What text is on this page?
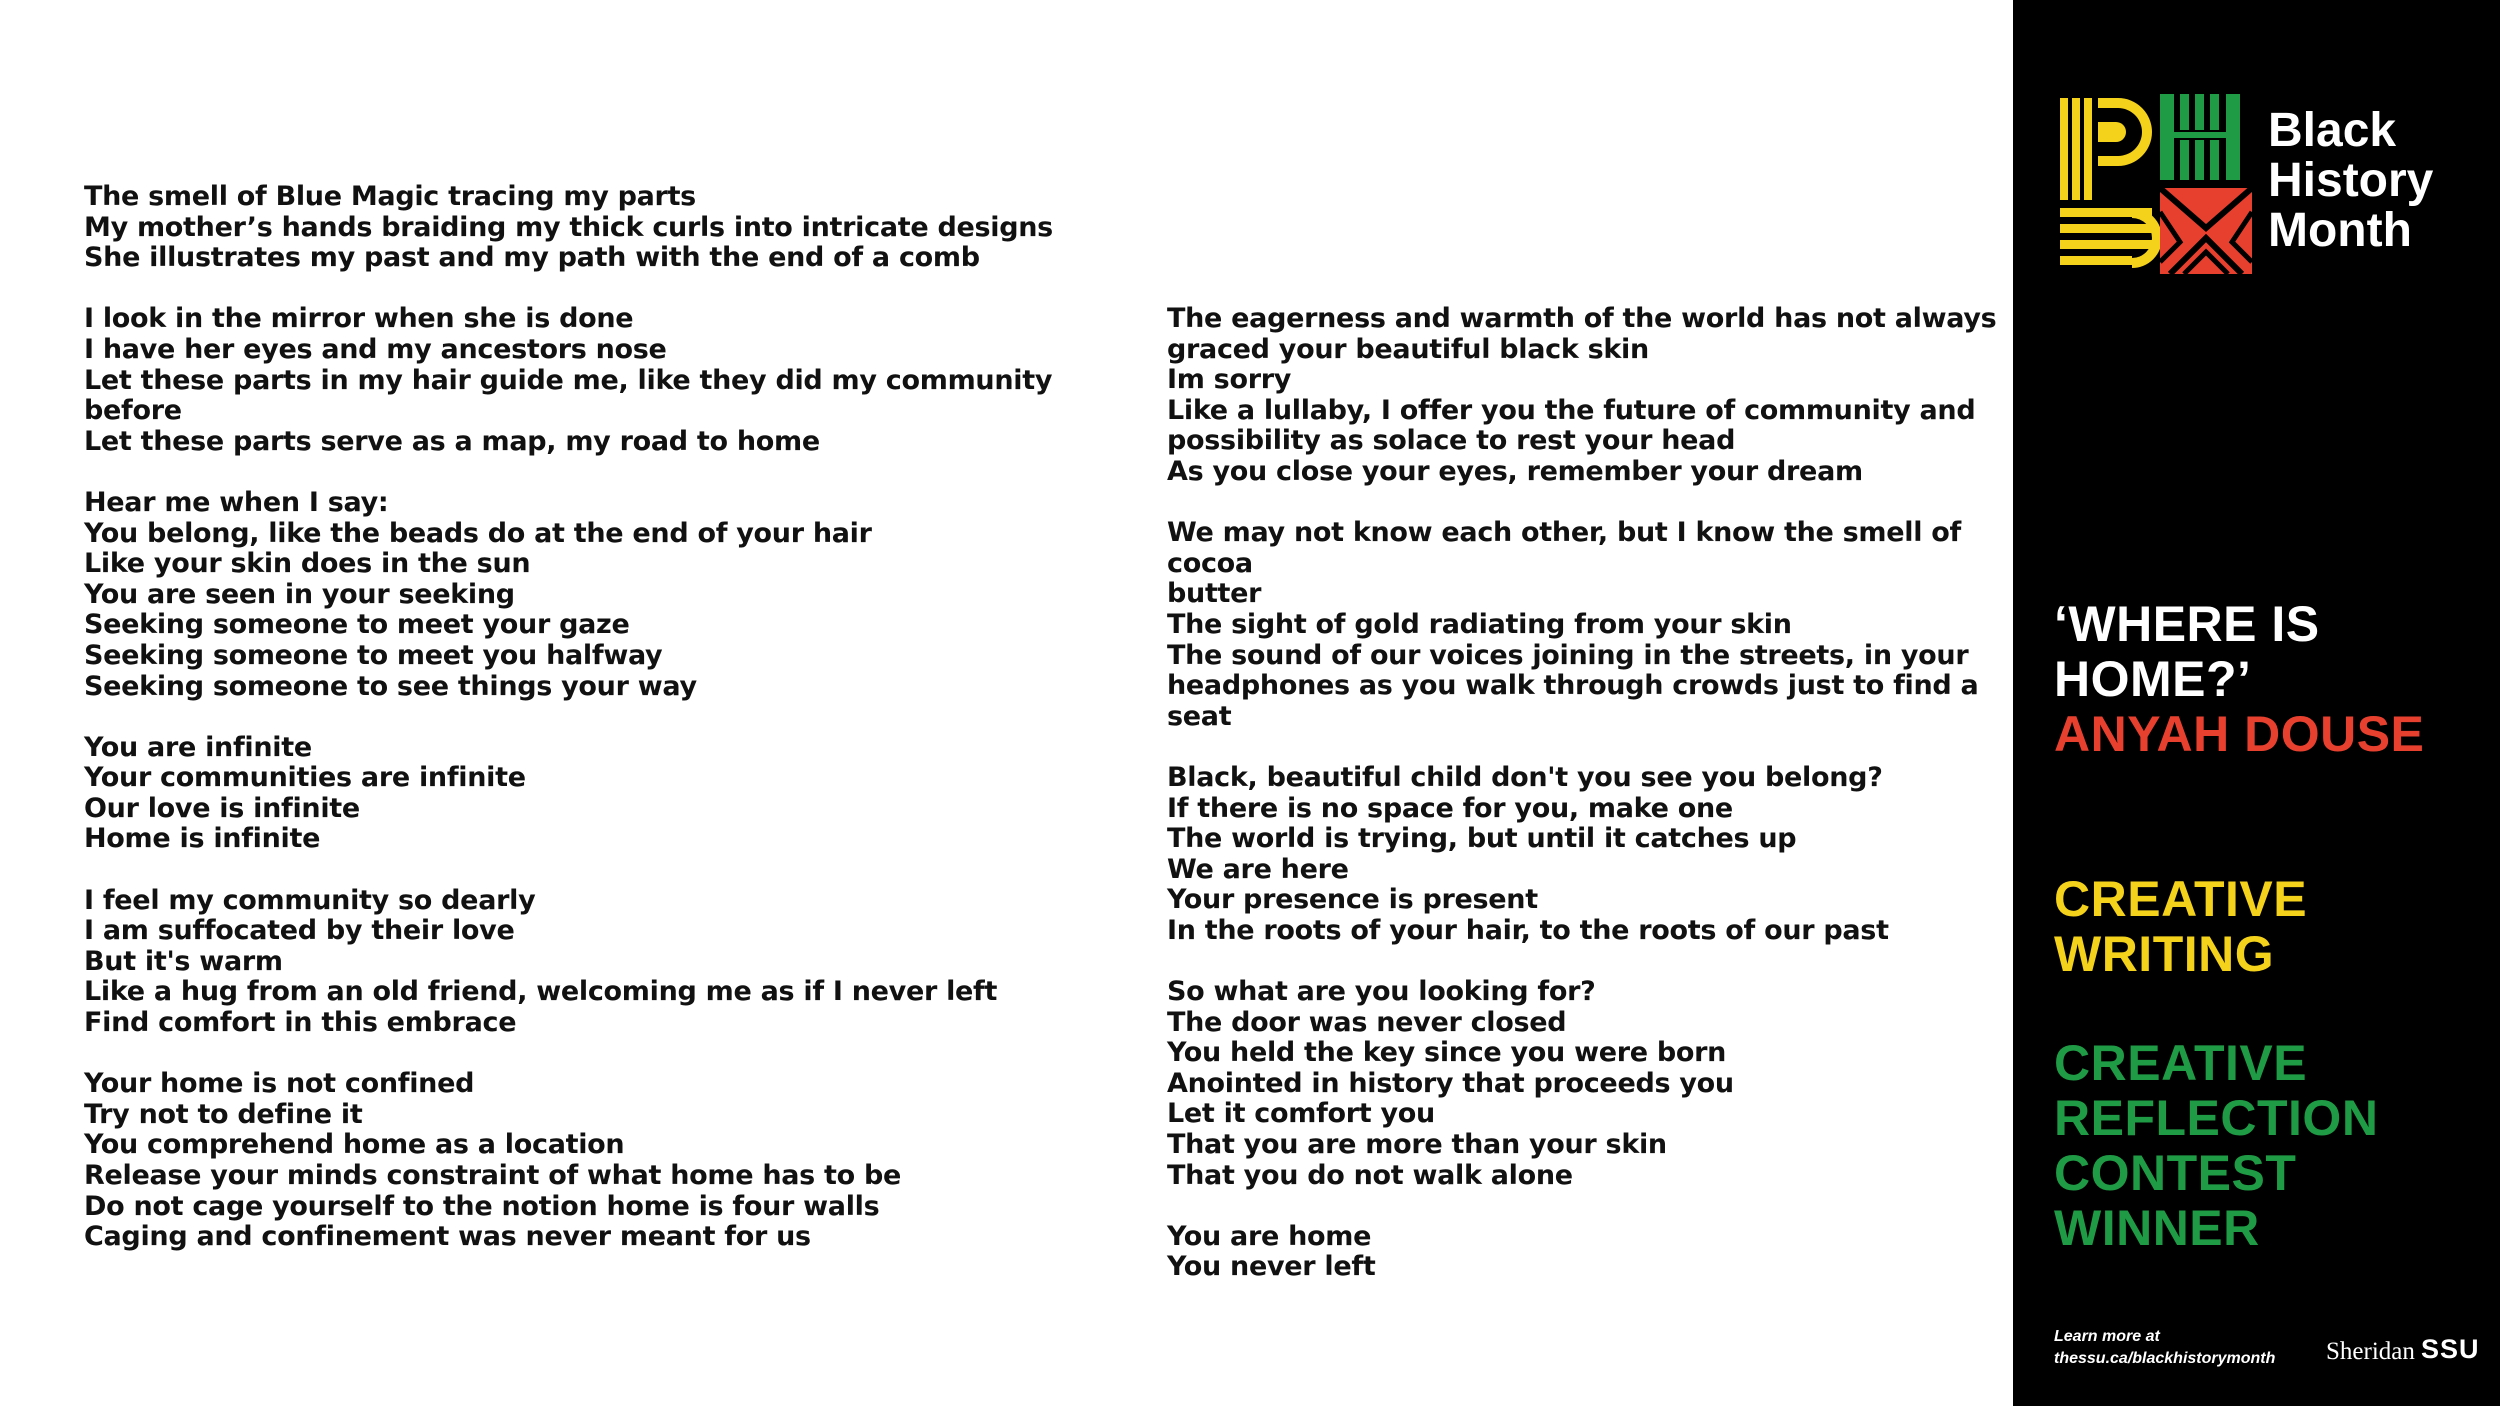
The smell of Blue Magic tracing my parts
My mother’s hands braiding my thick curls into intricate designs
She illustrates my past and my path with the end of a comb
I look in the mirror when she is done
I have her eyes and my ancestors nose
Let these parts in my hair guide me, like they did my community before
Let these parts serve as a map, my road to home
Hear me when I say:
You belong, like the beads do at the end of your hair
Like your skin does in the sun
You are seen in your seeking
Seeking someone to meet your gaze
Seeking someone to meet you halfway
Seeking someone to see things your way
You are infinite
Your communities are infinite
Our love is infinite
Home is infinite
I feel my community so dearly
I am suffocated by their love
But it's warm
Like a hug from an old friend, welcoming me as if I never left
Find comfort in this embrace
Your home is not confined
Try not to define it
You comprehend home as a location
Release your minds constraint of what home has to be
Do not cage yourself to the notion home is four walls
Caging and confinement was never meant for us
The eagerness and warmth of the world has not always
graced your beautiful black skin
Im sorry
Like a lullaby, I offer you the future of community and
possibility as solace to rest your head
As you close your eyes, remember your dream
We may not know each other, but I know the smell of cocoa
butter
The sight of gold radiating from your skin
The sound of our voices joining in the streets, in your
headphones as you walk through crowds just to find a seat
Black, beautiful child don't you see you belong?
If there is no space for you, make one
The world is trying, but until it catches up
We are here
Your presence is present
In the roots of your hair, to the roots of our past
So what are you looking for?
The door was never closed
You held the key since you were born
Anointed in history that proceeds you
Let it comfort you
That you are more than your skin
That you do not walk alone
You are home
You never left
Black
History
Month
‘WHERE IS
HOME?’
ANYAH DOUSE
CREATIVE
WRITING
CREATIVE
REFLECTION
CONTEST
WINNER
Learn more at
thessu.ca/blackhistorymonth Sheridan SSU
